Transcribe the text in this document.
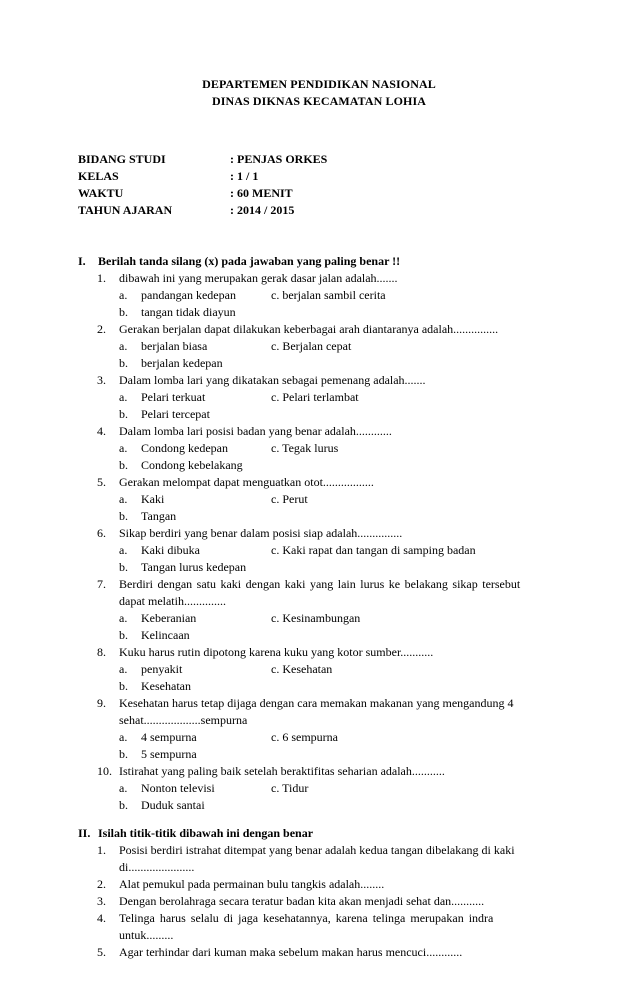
DEPARTEMEN PENDIDIKAN NASIONAL
DINAS DIKNAS KECAMATAN LOHIA
BIDANG STUDI	: PENJAS ORKES
KELAS	: 1 / 1
WAKTU	: 60 MENIT
TAHUN AJARAN	: 2014 / 2015
I. Berilah tanda silang (x) pada jawaban yang paling benar !!
1. dibawah ini yang merupakan gerak dasar jalan adalah.......
a. pandangan kedepan	c. berjalan sambil cerita
b. tangan tidak diayun
2. Gerakan berjalan dapat dilakukan keberbagai arah diantaranya adalah...............
a. berjalan biasa	c. Berjalan cepat
b. berjalan kedepan
3. Dalam lomba lari yang dikatakan sebagai pemenang adalah.......
a. Pelari terkuat	c. Pelari terlambat
b. Pelari tercepat
4. Dalam lomba lari posisi badan yang benar adalah............
a. Condong kedepan	c. Tegak lurus
b. Condong kebelakang
5. Gerakan melompat dapat menguatkan otot.................
a. Kaki	c. Perut
b. Tangan
6. Sikap berdiri yang benar dalam posisi siap adalah...............
a. Kaki dibuka	c. Kaki rapat dan tangan di samping badan
b. Tangan lurus kedepan
7. Berdiri dengan satu kaki dengan kaki yang lain lurus ke belakang sikap tersebut
dapat melatih..............
a. Keberanian	c. Kesinambungan
b. Kelincaan
8. Kuku harus rutin dipotong karena kuku yang kotor sumber...........
a. penyakit	c. Kesehatan
b. Kesehatan
9. Kesehatan harus tetap dijaga dengan cara memakan makanan yang mengandung 4
sehat...................sempurna
a. 4 sempurna	c. 6 sempurna
b. 5 sempurna
10. Istirahat yang paling baik setelah beraktifitas seharian adalah...........
a. Nonton televisi	c. Tidur
b. Duduk santai
II. Isilah titik-titik dibawah ini dengan benar
1. Posisi berdiri istrahat ditempat yang benar adalah kedua tangan dibelakang di kaki
di......................
2. Alat pemukul pada permainan bulu tangkis adalah........
3. Dengan berolahraga secara teratur badan kita akan menjadi sehat dan...........
4. Telinga harus selalu di jaga kesehatannya, karena telinga merupakan indra
untuk.........
5. Agar terhindar dari kuman maka sebelum makan harus mencuci............
